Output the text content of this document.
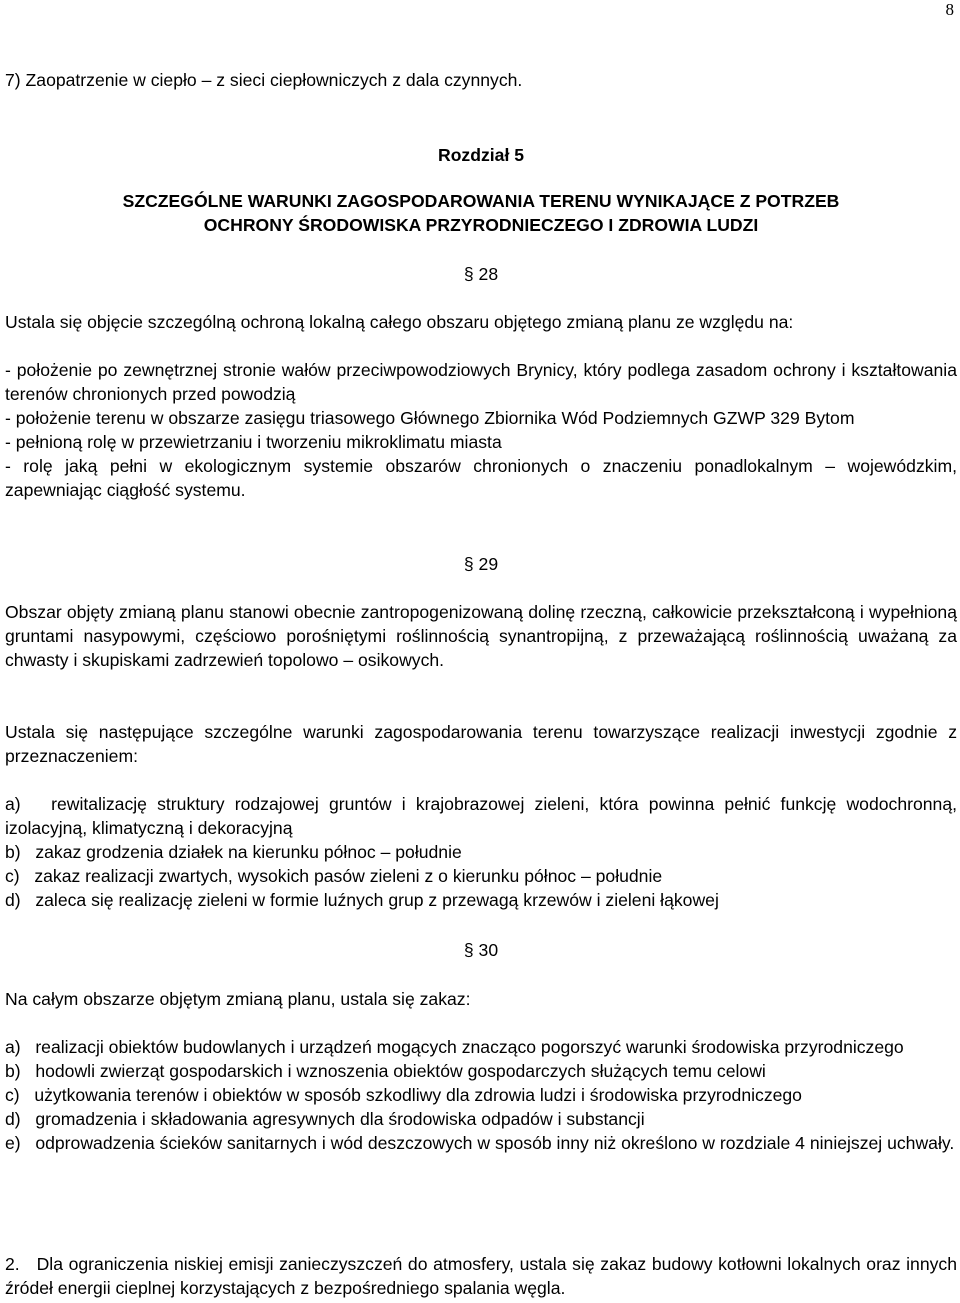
8
7) Zaopatrzenie w ciepło – z sieci ciepłowniczych z dala czynnych.
Rozdział 5
SZCZEGÓLNE WARUNKI ZAGOSPODAROWANIA TERENU WYNIKAJĄCE Z POTRZEB
OCHRONY ŚRODOWISKA PRZYRODNIECZEGO I ZDROWIA LUDZI
§ 28
Ustala się objęcie szczególną ochroną lokalną całego obszaru objętego zmianą planu ze względu na:
- położenie po zewnętrznej stronie wałów przeciwpowodziowych Brynicy, który podlega zasadom ochrony i kształtowania terenów chronionych przed powodzią
- położenie terenu w obszarze zasięgu triasowego Głównego Zbiornika Wód Podziemnych GZWP 329 Bytom
- pełnioną rolę w przewietrzaniu i tworzeniu mikroklimatu miasta
- rolę jaką pełni w ekologicznym systemie obszarów chronionych o znaczeniu ponadlokalnym – wojewódzkim, zapewniając ciągłość systemu.
§ 29
Obszar objęty zmianą planu stanowi obecnie zantropogenizowaną dolinę rzeczną, całkowicie przekształconą i wypełnioną gruntami nasypowymi, częściowo porośniętymi roślinnością synantropijną, z przeważającą roślinnością uważaną za chwasty i skupiskami zadrzewień topolowo – osikowych.
Ustala się następujące szczególne warunki zagospodarowania terenu towarzyszące realizacji inwestycji zgodnie z przeznaczeniem:
a) rewitalizację struktury rodzajowej gruntów i krajobrazowej zieleni, która powinna pełnić funkcję wodochronną, izolacyjną, klimatyczną i dekoracyjną
b) zakaz grodzenia działek na kierunku północ – południe
c) zakaz realizacji zwartych, wysokich pasów zieleni z o kierunku północ – południe
d) zaleca się realizację zieleni w formie luźnych grup z przewagą krzewów i zieleni łąkowej
§ 30
Na całym obszarze objętym zmianą planu, ustala się zakaz:
a) realizacji obiektów budowlanych i urządzeń mogących znacząco pogorszyć warunki środowiska przyrodniczego
b) hodowli zwierząt gospodarskich i wznoszenia obiektów gospodarczych służących temu celowi
c) użytkowania terenów i obiektów w sposób szkodliwy dla zdrowia ludzi i środowiska przyrodniczego
d) gromadzenia i składowania agresywnych dla środowiska odpadów i substancji
e) odprowadzenia ścieków sanitarnych i wód deszczowych w sposób inny niż określono w rozdziale 4 niniejszej uchwały.
2. Dla ograniczenia niskiej emisji zanieczyszczeń do atmosfery, ustala się zakaz budowy kotłowni lokalnych oraz innych źródeł energii cieplnej korzystających z bezpośredniego spalania węgla.
